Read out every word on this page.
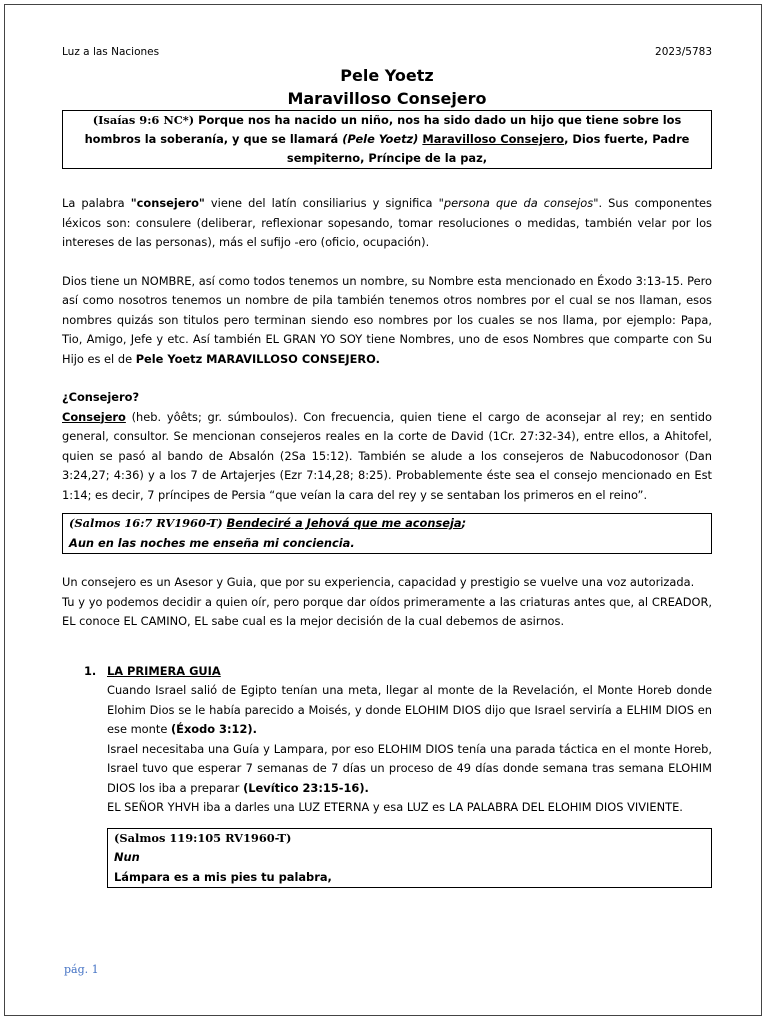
Luz a las Naciones	2023/5783
Pele Yoetz
Maravilloso Consejero
(Isaías 9:6 NC*) Porque nos ha nacido un niño, nos ha sido dado un hijo que tiene sobre los hombros la soberanía, y que se llamará (Pele Yoetz) Maravilloso Consejero, Dios fuerte, Padre sempiterno, Príncipe de la paz,

La palabra "consejero" viene del latín consiliarius y significa "persona que da consejos". Sus componentes léxicos son: consulere (deliberar, reflexionar sopesando, tomar resoluciones o medidas, también velar por los intereses de las personas), más el sufijo -ero (oficio, ocupación).

Dios tiene un NOMBRE, así como todos tenemos un nombre, su Nombre esta mencionado en Éxodo 3:13-15. Pero así como nosotros tenemos un nombre de pila también tenemos otros nombres por el cual se nos llaman, esos nombres quizás son titulos pero terminan siendo eso nombres por los cuales se nos llama, por ejemplo: Papa, Tio, Amigo, Jefe y etc. Así también EL GRAN YO SOY tiene Nombres, uno de esos Nombres que comparte con Su Hijo es el de Pele Yoetz MARAVILLOSO CONSEJERO.

¿Consejero?

Consejero (heb. yôêts; gr. súmboulos). Con frecuencia, quien tiene el cargo de aconsejar al rey; en sentido general, consultor. Se mencionan consejeros reales en la corte de David (1Cr. 27:32-34), entre ellos, a Ahitofel, quien se pasó al bando de Absalón (2Sa 15:12). También se alude a los consejeros de Nabucodonosor (Dan 3:24,27; 4:36) y a los 7 de Artajerjes (Ezr 7:14,28; 8:25). Probablemente éste sea el consejo mencionado en Est 1:14; es decir, 7 príncipes de Persia “que veían la cara del rey y se sentaban los primeros en el reino”.

(Salmos 16:7 RV1960-T) Bendeciré a Jehová que me aconseja;
Aun en las noches me enseña mi conciencia.

Un consejero es un Asesor y Guia, que por su experiencia, capacidad y prestigio se vuelve una voz autorizada.

Tu y yo podemos decidir a quien oír, pero porque dar oídos primeramente a las criaturas antes que, al CREADOR, EL conoce EL CAMINO, EL sabe cual es la mejor decisión de la cual debemos de asirnos.

1. LA PRIMERA GUIA

Cuando Israel salió de Egipto tenían una meta, llegar al monte de la Revelación, el Monte Horeb donde Elohim Dios se le había parecido a Moisés, y donde ELOHIM DIOS dijo que Israel serviría a ELHIM DIOS en ese monte (Éxodo 3:12).

Israel necesitaba una Guía y Lampara, por eso ELOHIM DIOS tenía una parada táctica en el monte Horeb, Israel tuvo que esperar 7 semanas de 7 días un proceso de 49 días donde semana tras semana ELOHIM DIOS los iba a preparar (Levítico 23:15-16).

EL SEÑOR YHVH iba a darles una LUZ ETERNA y esa LUZ es LA PALABRA DEL ELOHIM DIOS VIVIENTE.

(Salmos 119:105 RV1960-T)
Nun
Lámpara es a mis pies tu palabra,
pág. 1
